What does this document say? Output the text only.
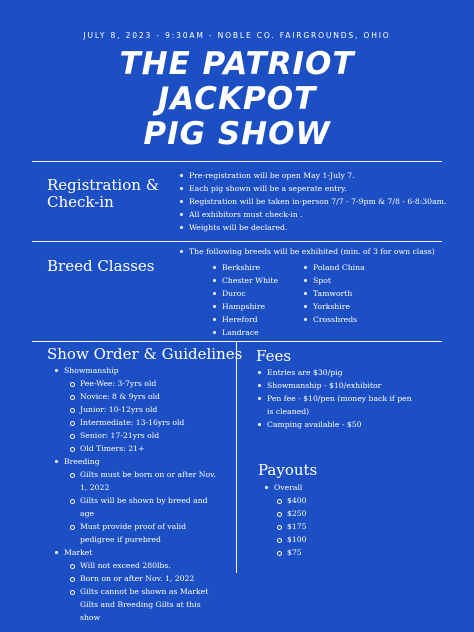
JULY 8, 2023 - 9:30AM - NOBLE CO. FAIRGROUNDS, OHIO
THE PATRIOT
JACKPOT
PIG SHOW
Registration &
Check-in
Pre-registration will be open May 1-July 7.
Each pig shown will be a seperate entry.
Registration will be taken in-person 7/7 - 7-9pm & 7/8 - 6-8:30am.
All exhibitors must check-in .
Weights will be declared.
Breed Classes
The following breeds will be exhibited (min. of 3 for own class)
Berkshire
Chester White
Duroc
Hampshire
Hereford
Landrace
Poland China
Spot
Tamworth
Yorkshire
Crossbreds
Show Order & Guidelines
Showmanship
Pee-Wee: 3-7yrs old
Novice: 8 & 9yrs old
Junior: 10-12yrs old
Intermediate: 13-16yrs old
Senior: 17-21yrs old
Old Timers: 21+
Breeding
Gilts must be born on or after Nov. 1, 2022
Gilts will be shown by breed and age
Must provide proof of valid pedigree if purebred
Market
Will not exceed 280lbs.
Born on or after Nov. 1, 2022
Gilts cannot be shown as Market Gilts and Breeding Gilts at this show
Fees
Entries are $30/pig
Showmanship - $10/exhibitor
Pen fee - $10/pen (money back if pen is cleaned)
Camping available - $50
Payouts
Overall
$400
$250
$175
$100
$75
